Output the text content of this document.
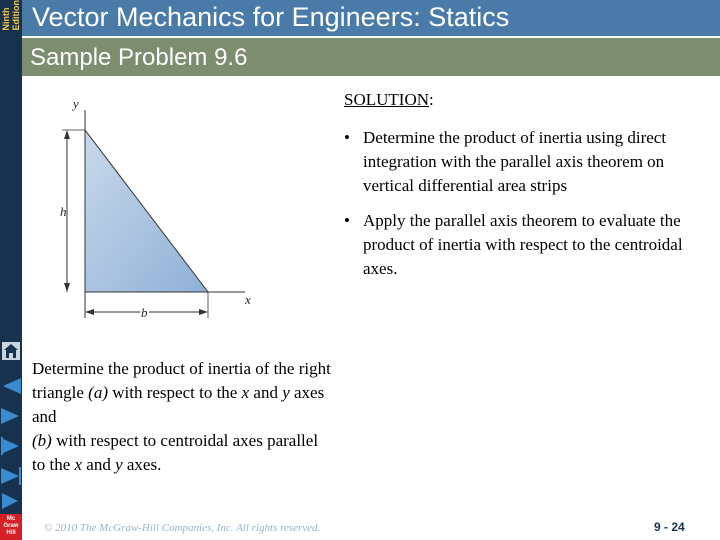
Ninth Edition Vector Mechanics for Engineers: Statics
Sample Problem 9.6
y
x
h
b
SOLUTION:
• Determine the product of inertia using direct integration with the parallel axis theorem on vertical differential area strips
• Apply the parallel axis theorem to evaluate the product of inertia with respect to the centroidal axes.
Determine the product of inertia of the right triangle (a) with respect to the x and y axes and
(b) with respect to centroidal axes parallel to the x and y axes.
Mc
Graw
Hill	© 2010 The McGraw-Hill Companies, Inc. All rights reserved.	9 - 24
